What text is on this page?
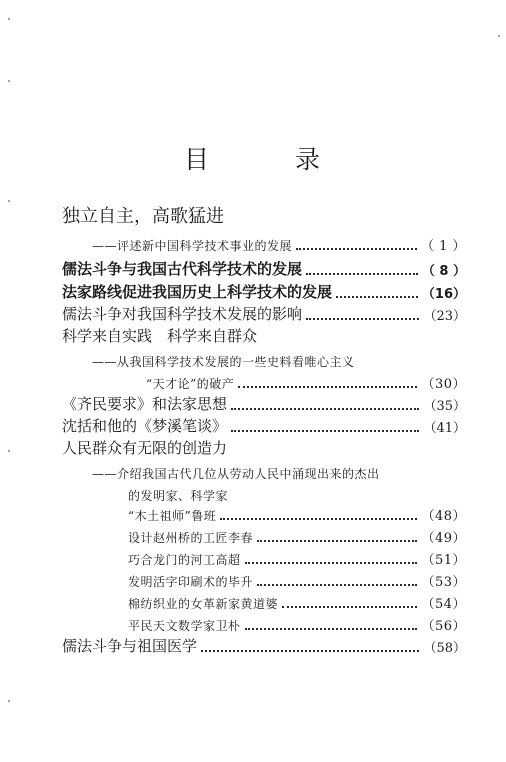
目	录
独立自主，高歌猛进
——评述新中国科学技术事业的发展	（ 1 ）
儒法斗争与我国古代科学技术的发展	（ 8 ）
法家路线促进我国历史上科学技术的发展	（16）
儒法斗争对我国科学技术发展的影响	（23）
科学来自实践　科学来自群众
——从我国科学技术发展的一些史料看唯心主义
“天才论”的破产	（30）
《齐民要求》和法家思想	（35）
沈括和他的《梦溪笔谈》	（41）
人民群众有无限的创造力
——介绍我国古代几位从劳动人民中涌现出来的杰出
的发明家、科学家
“木土祖师”鲁班	（48）
设计赵州桥的工匠李春	（49）
巧合龙门的河工高超	（51）
发明活字印刷术的毕升	（53）
棉纺织业的女革新家黄道婆	（54）
平民天文数学家卫朴	（56）
儒法斗争与祖国医学	（58）
